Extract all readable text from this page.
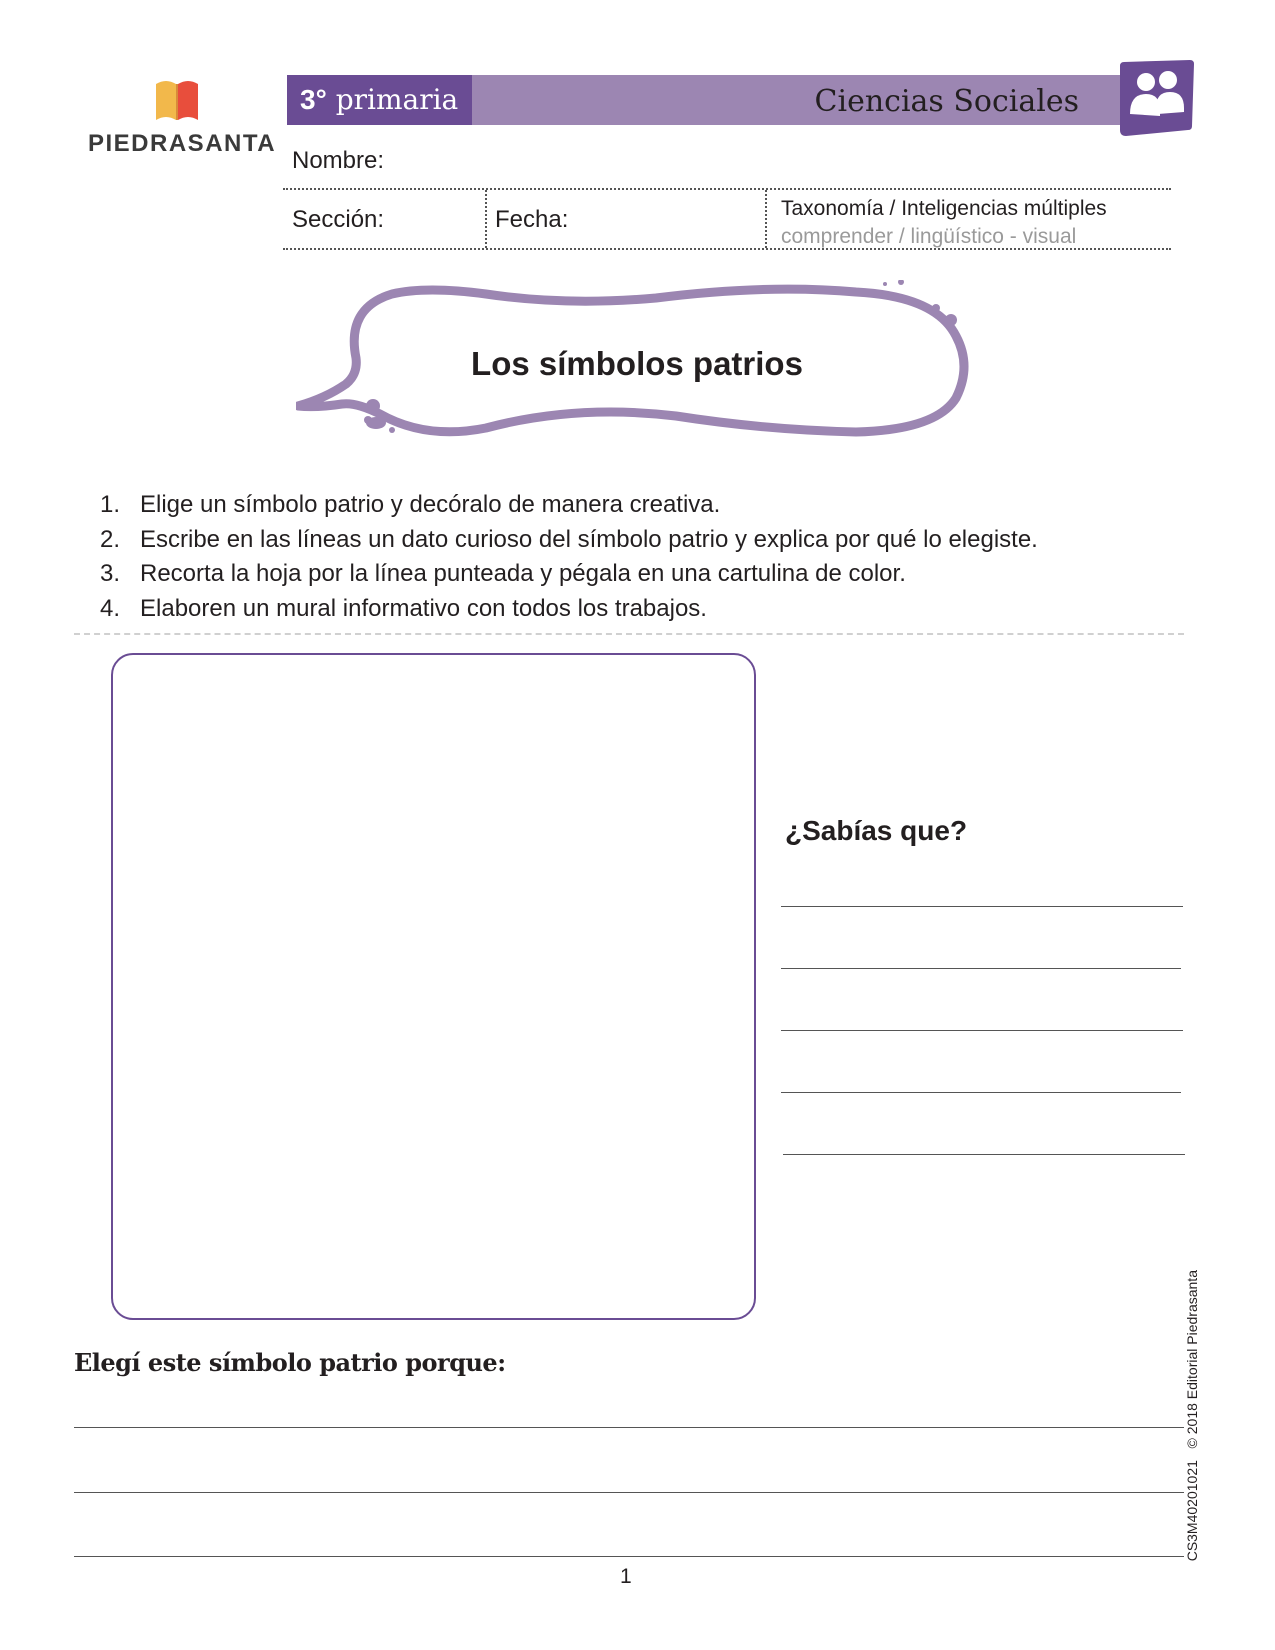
PIEDRASANTA
3° primaria	Ciencias Sociales
Nombre:
Sección:	Fecha:	Taxonomía / Inteligencias múltiples
comprender / lingüístico - visual
Los símbolos patrios
1. Elige un símbolo patrio y decóralo de manera creativa.
2. Escribe en las líneas un dato curioso del símbolo patrio y explica por qué lo elegiste.
3. Recorta la hoja por la línea punteada y pégala en una cartulina de color.
4. Elaboren un mural informativo con todos los trabajos.
¿Sabías que?
Elegí este símbolo patrio porque:
1
CS3M40201021   © 2018 Editorial Piedrasanta
